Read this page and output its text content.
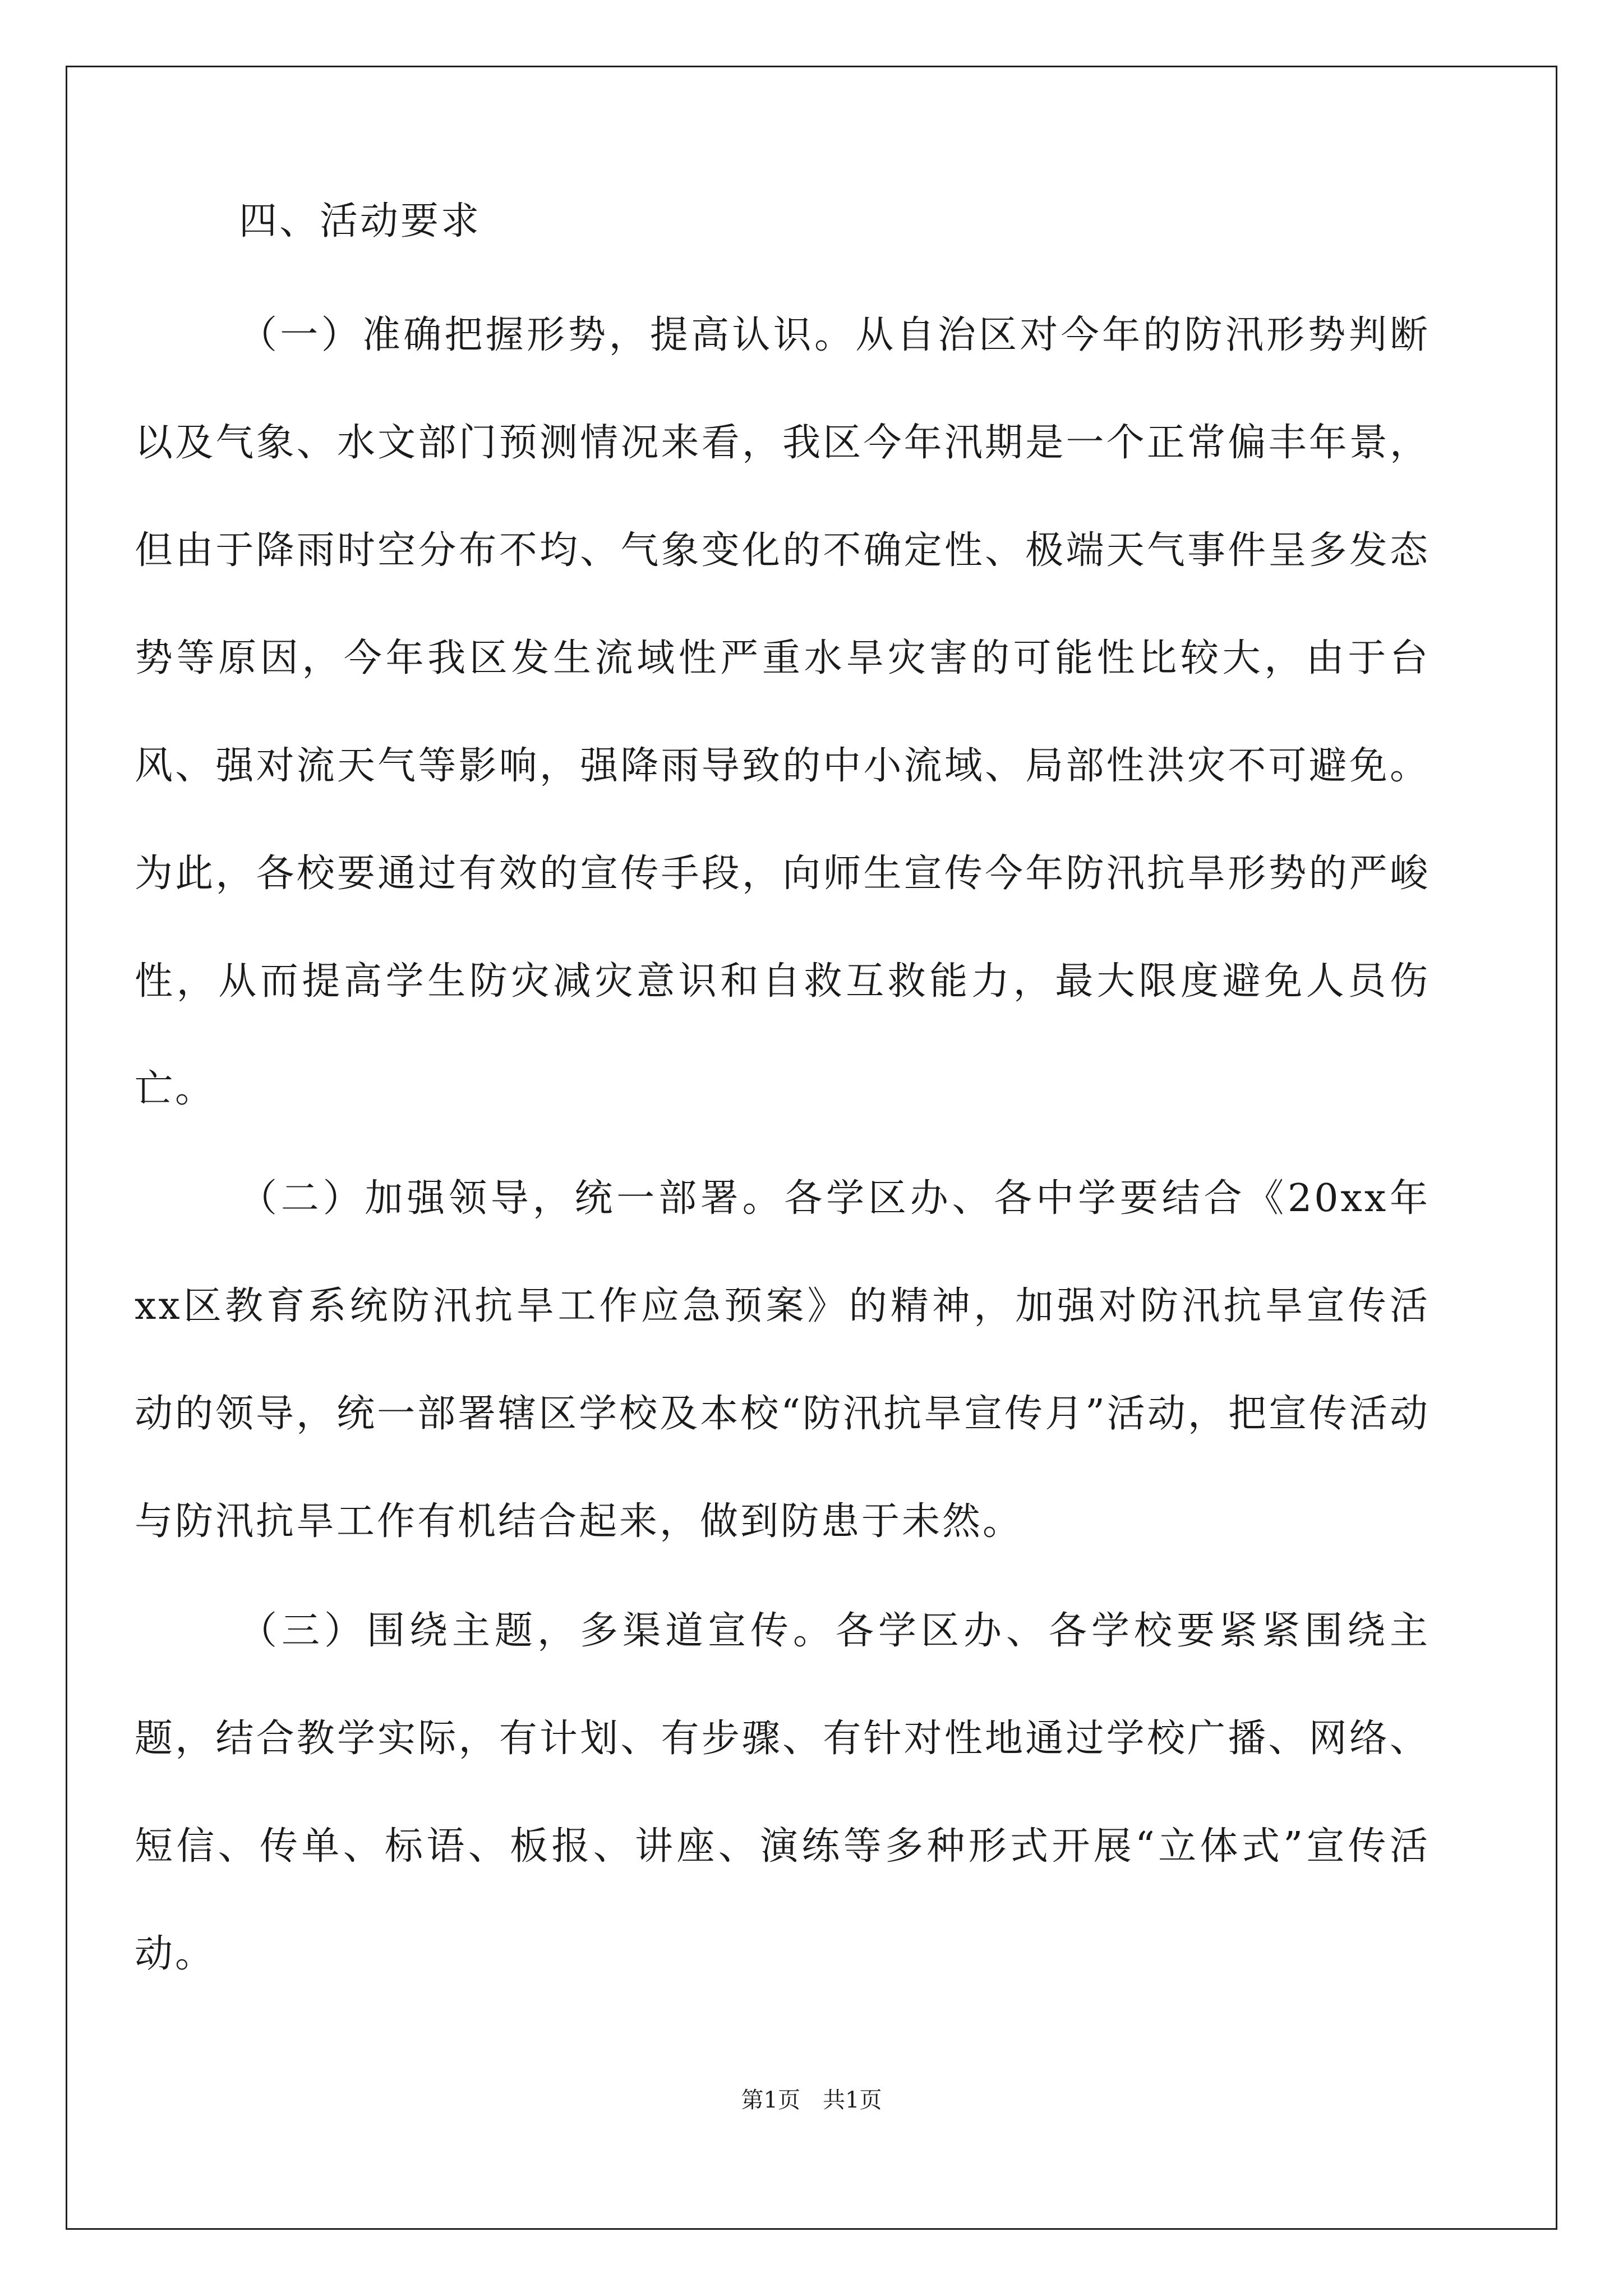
四、活动要求

（一）准确把握形势，提高认识。从自治区对今年的防汛形势判断以及气象、水文部门预测情况来看，我区今年汛期是一个正常偏丰年景，但由于降雨时空分布不均、气象变化的不确定性、极端天气事件呈多发态势等原因，今年我区发生流域性严重水旱灾害的可能性比较大，由于台风、强对流天气等影响，强降雨导致的中小流域、局部性洪灾不可避免。为此，各校要通过有效的宣传手段，向师生宣传今年防汛抗旱形势的严峻性，从而提高学生防灾减灾意识和自救互救能力，最大限度避免人员伤亡。

（二）加强领导，统一部署。各学区办、各中学要结合《20xx年xx区教育系统防汛抗旱工作应急预案》的精神，加强对防汛抗旱宣传活动的领导，统一部署辖区学校及本校“防汛抗旱宣传月”活动，把宣传活动与防汛抗旱工作有机结合起来，做到防患于未然。

（三）围绕主题，多渠道宣传。各学区办、各学校要紧紧围绕主题，结合教学实际，有计划、有步骤、有针对性地通过学校广播、网络、短信、传单、标语、板报、讲座、演练等多种形式开展“立体式”宣传活动。

第1页 共1页
